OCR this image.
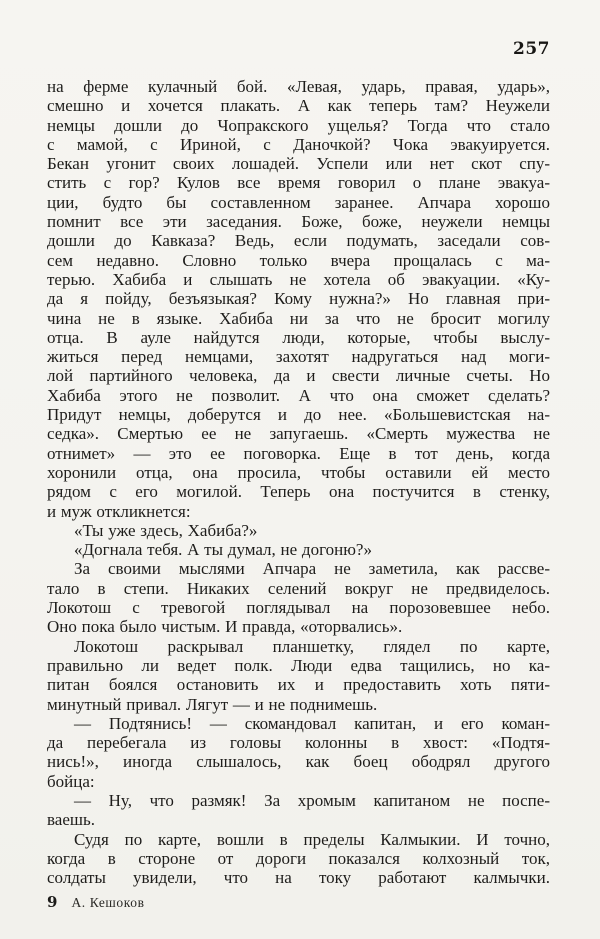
257
на ферме кулачный бой. «Левая, ударь, правая, ударь»,
смешно и хочется плакать. А как теперь там? Неужели
немцы дошли до Чопракского ущелья? Тогда что стало
с мамой, с Ириной, с Даночкой? Чока эвакуируется.
Бекан угонит своих лошадей. Успели или нет скот спу-
стить с гор? Кулов все время говорил о плане эвакуа-
ции, будто бы составленном заранее. Апчара хорошо
помнит все эти заседания. Боже, боже, неужели немцы
дошли до Кавказа? Ведь, если подумать, заседали сов-
сем недавно. Словно только вчера прощалась с ма-
терью. Хабиба и слышать не хотела об эвакуации. «Ку-
да я пойду, безъязыкая? Кому нужна?» Но главная при-
чина не в языке. Хабиба ни за что не бросит могилу
отца. В ауле найдутся люди, которые, чтобы выслу-
житься перед немцами, захотят надругаться над моги-
лой партийного человека, да и свести личные счеты. Но
Хабиба этого не позволит. А что она сможет сделать?
Придут немцы, доберутся и до нее. «Большевистская на-
седка». Смертью ее не запугаешь. «Смерть мужества не
отнимет» — это ее поговорка. Еще в тот день, когда
хоронили отца, она просила, чтобы оставили ей место
рядом с его могилой. Теперь она постучится в стенку,
и муж откликнется:
«Ты уже здесь, Хабиба?»
«Догнала тебя. А ты думал, не догоню?»
За своими мыслями Апчара не заметила, как рассве-
тало в степи. Никаких селений вокруг не предвиделось.
Локотош с тревогой поглядывал на порозовевшее небо.
Оно пока было чистым. И правда, «оторвались».
Локотош раскрывал планшетку, глядел по карте,
правильно ли ведет полк. Люди едва тащились, но ка-
питан боялся остановить их и предоставить хоть пяти-
минутный привал. Лягут — и не поднимешь.
— Подтянись! — скомандовал капитан, и его коман-
да перебегала из головы колонны в хвост: «Подтя-
нись!», иногда слышалось, как боец ободрял другого
бойца:
— Ну, что размяк! За хромым капитаном не поспе-
ваешь.
Судя по карте, вошли в пределы Калмыкии. И точно,
когда в стороне от дороги показался колхозный ток,
солдаты увидели, что на току работают калмычки.
9 А. Кешоков
